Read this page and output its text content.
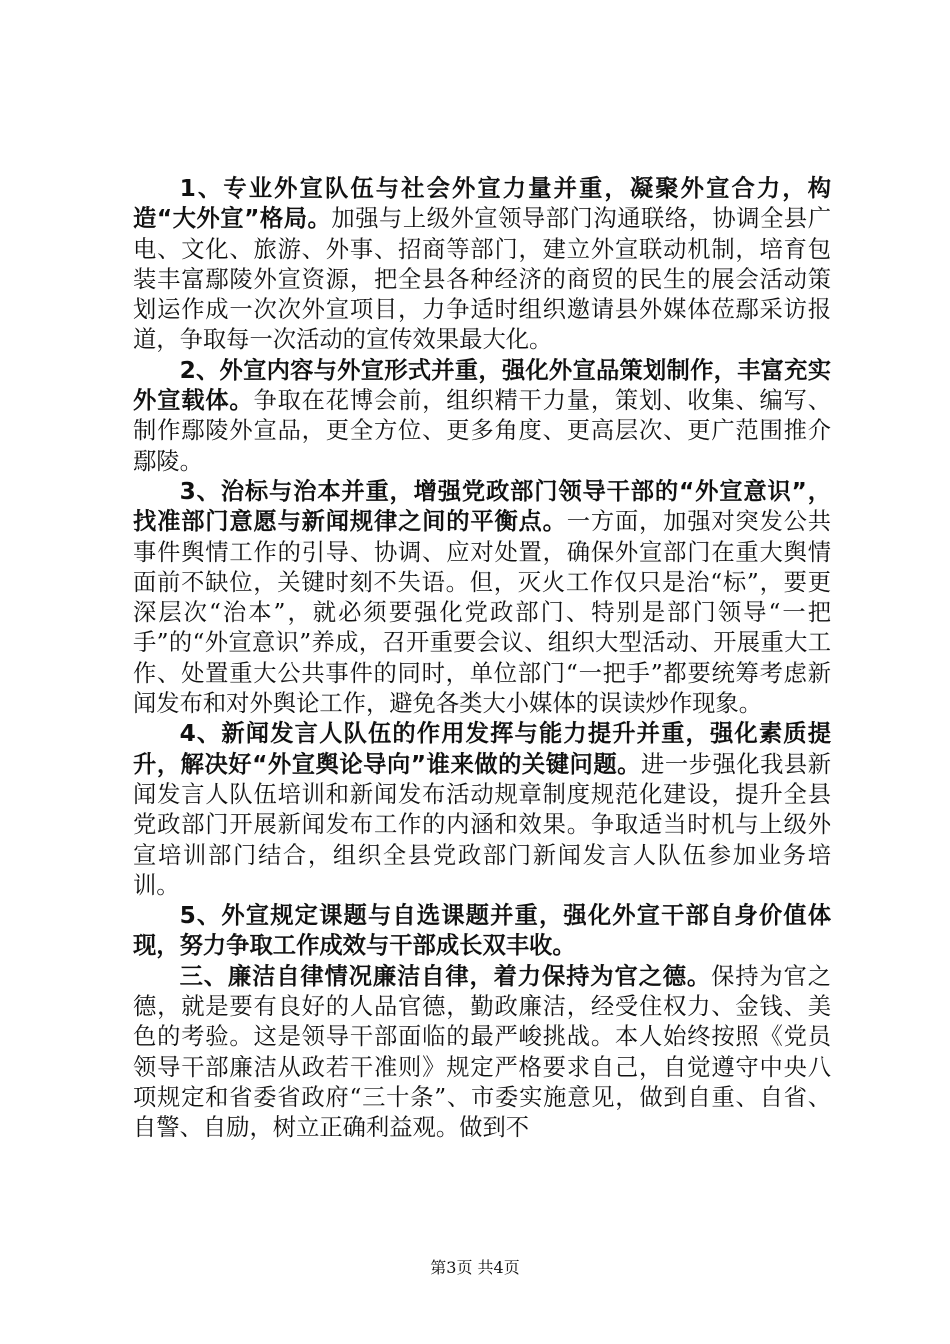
1、专业外宣队伍与社会外宣力量并重，凝聚外宣合力，构造“大外宣”格局。加强与上级外宣领导部门沟通联络，协调全县广电、文化、旅游、外事、招商等部门，建立外宣联动机制，培育包装丰富鄢陵外宣资源，把全县各种经济的商贸的民生的展会活动策划运作成一次次外宣项目，力争适时组织邀请县外媒体莅鄢采访报道，争取每一次活动的宣传效果最大化。

2、外宣内容与外宣形式并重，强化外宣品策划制作，丰富充实外宣载体。争取在花博会前，组织精干力量，策划、收集、编写、制作鄢陵外宣品，更全方位、更多角度、更高层次、更广范围推介鄢陵。

3、治标与治本并重，增强党政部门领导干部的“外宣意识”，找准部门意愿与新闻规律之间的平衡点。一方面，加强对突发公共事件舆情工作的引导、协调、应对处置，确保外宣部门在重大舆情面前不缺位，关键时刻不失语。但，灭火工作仅只是治“标”，要更深层次“治本”，就必须要强化党政部门、特别是部门领导“一把手”的“外宣意识”养成，召开重要会议、组织大型活动、开展重大工作、处置重大公共事件的同时，单位部门“一把手”都要统筹考虑新闻发布和对外舆论工作，避免各类大小媒体的误读炒作现象。

4、新闻发言人队伍的作用发挥与能力提升并重，强化素质提升，解决好“外宣舆论导向”谁来做的关键问题。进一步强化我县新闻发言人队伍培训和新闻发布活动规章制度规范化建设，提升全县党政部门开展新闻发布工作的内涵和效果。争取适当时机与上级外宣培训部门结合，组织全县党政部门新闻发言人队伍参加业务培训。

5、外宣规定课题与自选课题并重，强化外宣干部自身价值体现，努力争取工作成效与干部成长双丰收。

三、廉洁自律情况廉洁自律，着力保持为官之德。保持为官之德，就是要有良好的人品官德，勤政廉洁，经受住权力、金钱、美色的考验。这是领导干部面临的最严峻挑战。本人始终按照《党员领导干部廉洁从政若干准则》规定严格要求自己，自觉遵守中央八项规定和省委省政府“三十条”、市委实施意见，做到自重、自省、自警、自励，树立正确利益观。做到不

第3页 共4页
